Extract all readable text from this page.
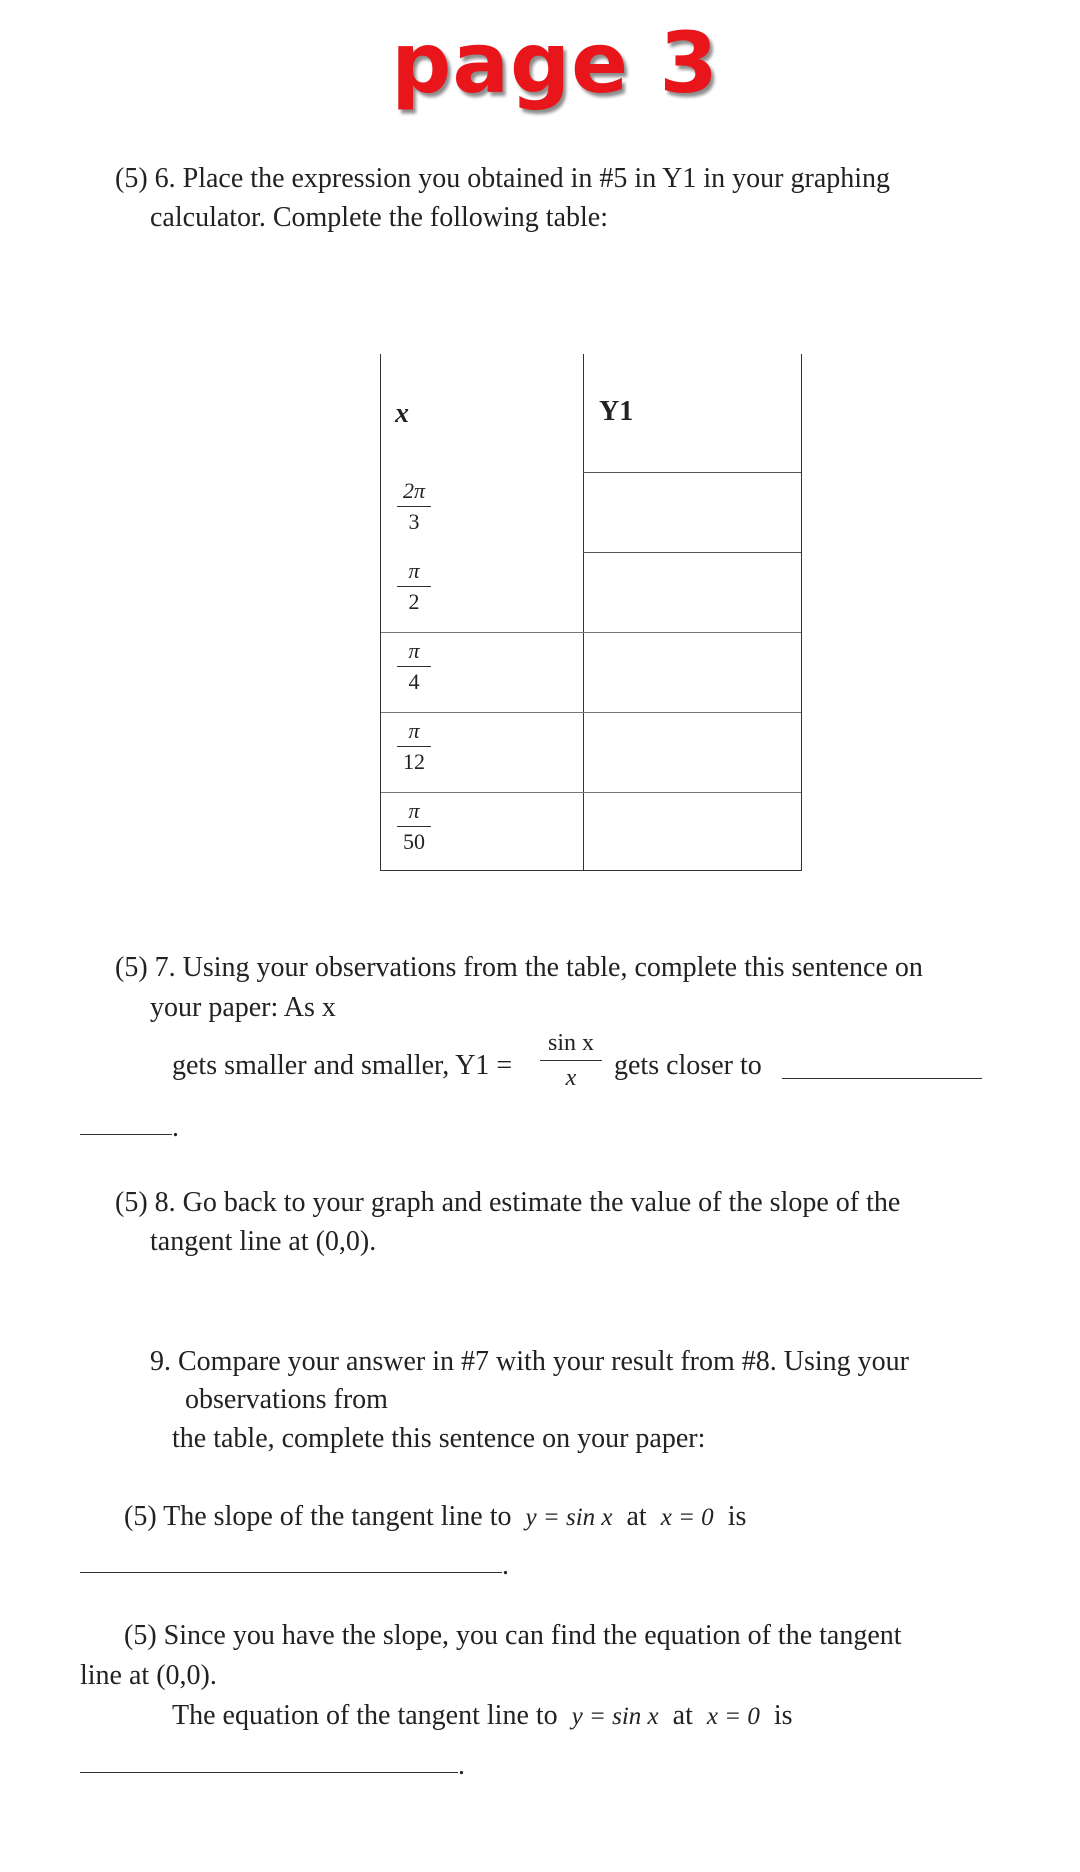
page 3
(5) 6. Place the expression you obtained in #5 in Y1 in your graphing
calculator. Complete the following table:
x	Y1
2π
3
π
2
π
4
π
12
π
50
(5) 7. Using your observations from the table, complete this sentence on
your paper: As x
gets smaller and smaller, Y1 =
sin x
x	gets closer to
.
(5) 8. Go back to your graph and estimate the value of the slope of the
tangent line at (0,0).
9. Compare your answer in #7 with your result from #8. Using your
observations from
the table, complete this sentence on your paper:
(5) The slope of the tangent line to y = sin x at x = 0 is
.
(5) Since you have the slope, you can find the equation of the tangent
line at (0,0).
The equation of the tangent line to y = sin x at x = 0 is
.
